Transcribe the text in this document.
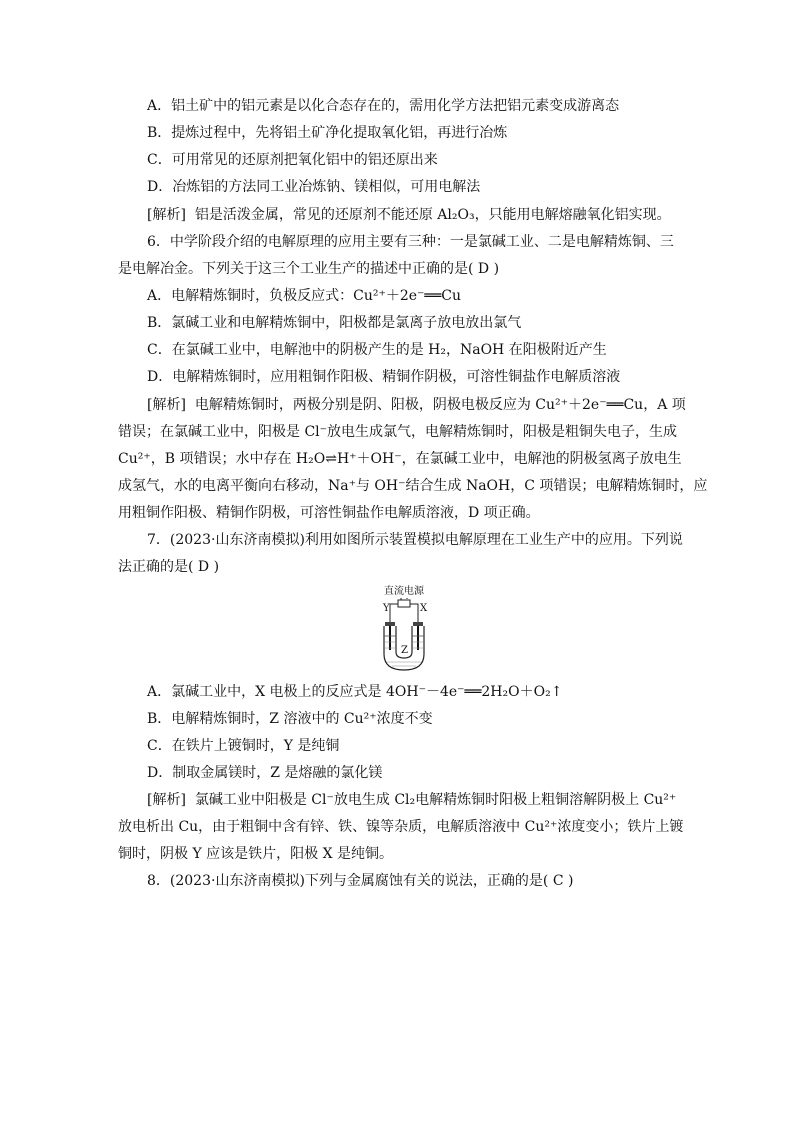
A．铝土矿中的铝元素是以化合态存在的，需用化学方法把铝元素变成游离态
B．提炼过程中，先将铝土矿净化提取氧化铝，再进行冶炼
C．可用常见的还原剂把氧化铝中的铝还原出来
D．冶炼铝的方法同工业冶炼钠、镁相似，可用电解法
[ 解析 ] 铝是活泼金属，常见的还原剂不能还原 Al₂O₃，只能用电解熔融氧化铝实现。
6．中学阶段介绍的电解原理的应用主要有三种：一是氯碱工业、二是电解精炼铜、三
是电解冶金。下列关于这三个工业生产的描述中正确的是( D )
A．电解精炼铜时，负极反应式：Cu²⁺＋2e⁻══Cu
B．氯碱工业和电解精炼铜中，阳极都是氯离子放电放出氯气
C．在氯碱工业中，电解池中的阴极产生的是 H₂，NaOH 在阳极附近产生
D．电解精炼铜时，应用粗铜作阳极、精铜作阴极，可溶性铜盐作电解质溶液
[ 解析 ] 电解精炼铜时，两极分别是阴、阳极，阴极电极反应为 Cu²⁺＋2e⁻══Cu，A 项
错误；在氯碱工业中，阳极是 Cl⁻放电生成氯气，电解精炼铜时，阳极是粗铜失电子，生成
Cu²⁺，B 项错误；水中存在 H₂O⇌H⁺＋OH⁻，在氯碱工业中，电解池的阴极氢离子放电生
成氢气，水的电离平衡向右移动，Na⁺与 OH⁻结合生成 NaOH，C 项错误；电解精炼铜时，应
用粗铜作阳极、精铜作阴极，可溶性铜盐作电解质溶液，D 项正确。
7．(2023·山东济南模拟)利用如图所示装置模拟电解原理在工业生产中的应用。下列说
法正确的是( D )
直流电源
Y	X
Z
A．氯碱工业中，X 电极上的反应式是 4OH⁻－4e⁻══2H₂O＋O₂↑
B．电解精炼铜时，Z 溶液中的 Cu²⁺浓度不变
C．在铁片上镀铜时，Y 是纯铜
D．制取金属镁时，Z 是熔融的氯化镁
[ 解析 ] 氯碱工业中阳极是 Cl⁻放电生成 Cl₂电解精炼铜时阳极上粗铜溶解阴极上 Cu²⁺
放电析出 Cu，由于粗铜中含有锌、铁、镍等杂质，电解质溶液中 Cu²⁺浓度变小；铁片上镀
铜时，阴极 Y 应该是铁片，阳极 X 是纯铜。
8．(2023·山东济南模拟)下列与金属腐蚀有关的说法，正确的是( C )
